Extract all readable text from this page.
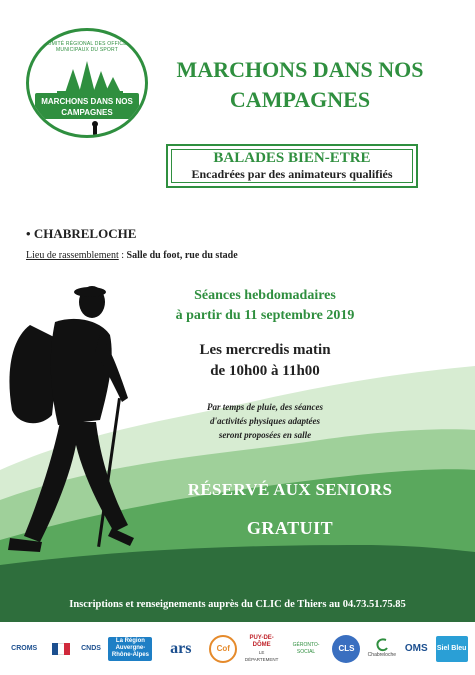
COMITÉ RÉGIONAL DES OFFICES MUNICIPAUX DU SPORT
MARCHONS DANS NOS
CAMPAGNES
MARCHONS DANS NOS
CAMPAGNES
BALADES BIEN-ETRE
Encadrées par des animateurs qualifiés
• CHABRELOCHE
Lieu de rassemblement : Salle du foot, rue du stade
Séances hebdomadaires
à partir du 11 septembre 2019
Les mercredis matin
de 10h00 à 11h00
Par temps de pluie, des séances
d'activités physiques adaptées
seront proposées en salle
RÉSERVÉ AUX SENIORS
GRATUIT
Inscriptions et renseignements auprès du CLIC de Thiers au 04.73.51.75.85
CROMS	CNDS
La Région Auvergne-Rhône-Alpes	ars	Cof
PUY-DE-DÔME
LE DÉPARTEMENT
GÉRONTO-SOCIAL	CLS
Chabreloche
OMS Siel Bleu
